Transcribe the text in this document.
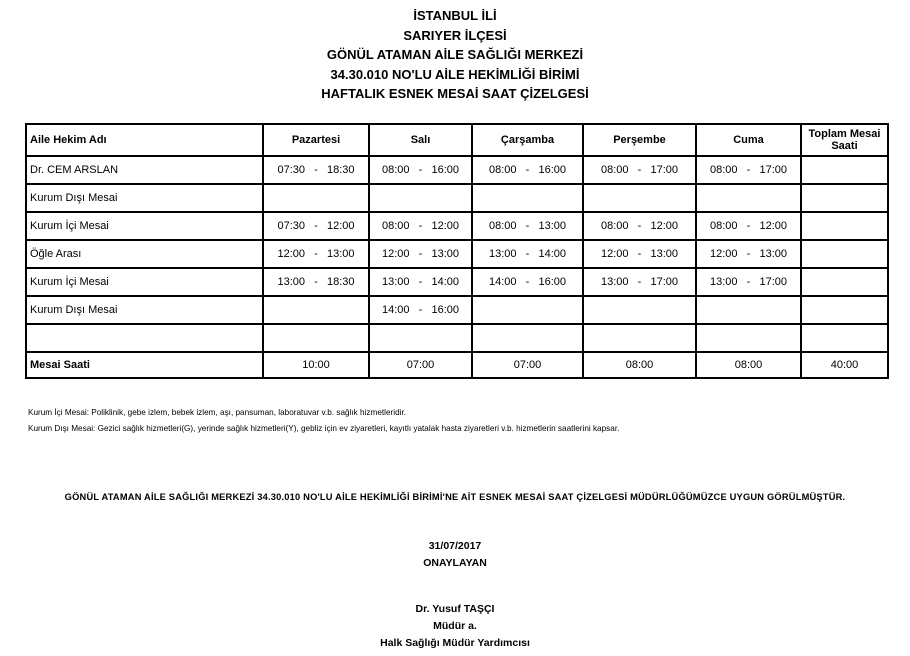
İSTANBUL İLİ
SARIYER İLÇESİ
GÖNÜL ATAMAN AİLE SAĞLIĞI MERKEZİ
34.30.010 NO'LU AİLE HEKİMLİĞİ BİRİMİ
HAFTALIK ESNEK MESAİ SAAT ÇİZELGESİ
Aile Hekim Adı	Pazartesi	Salı	Çarşamba	Perşembe	Cuma	Toplam Mesai Saati
Dr. CEM ARSLAN	07:30   -   18:30	08:00   -   16:00	08:00   -   16:00	08:00   -   17:00	08:00   -   17:00	
Kurum Dışı Mesai						
Kurum İçi Mesai	07:30   -   12:00	08:00   -   12:00	08:00   -   13:00	08:00   -   12:00	08:00   -   12:00	
Öğle Arası	12:00   -   13:00	12:00   -   13:00	13:00   -   14:00	12:00   -   13:00	12:00   -   13:00	
Kurum İçi Mesai	13:00   -   18:30	13:00   -   14:00	14:00   -   16:00	13:00   -   17:00	13:00   -   17:00	
Kurum Dışı Mesai		14:00   -   16:00				

Mesai Saati	10:00	07:00	07:00	08:00	08:00	40:00
Kurum İçi Mesai: Poliklinik, gebe izlem, bebek izlem, aşı, pansuman, laboratuvar v.b. sağlık hizmetleridir.
Kurum Dışı Mesai: Gezici sağlık hizmetleri(G), yerinde sağlık hizmetleri(Y), gebliz için ev ziyaretleri, kayıtlı yatalak hasta ziyaretleri v.b. hizmetlerin saatlerini kapsar.
GÖNÜL ATAMAN AİLE SAĞLIĞI MERKEZİ 34.30.010 NO'LU AİLE HEKİMLİĞİ BİRİMİ'NE AİT ESNEK MESAİ SAAT ÇİZELGESİ MÜDÜRLÜĞÜMÜZCE UYGUN GÖRÜLMÜŞTÜR.
31/07/2017
ONAYLAYAN
Dr. Yusuf TAŞÇI
Müdür a.
Halk Sağlığı Müdür Yardımcısı
